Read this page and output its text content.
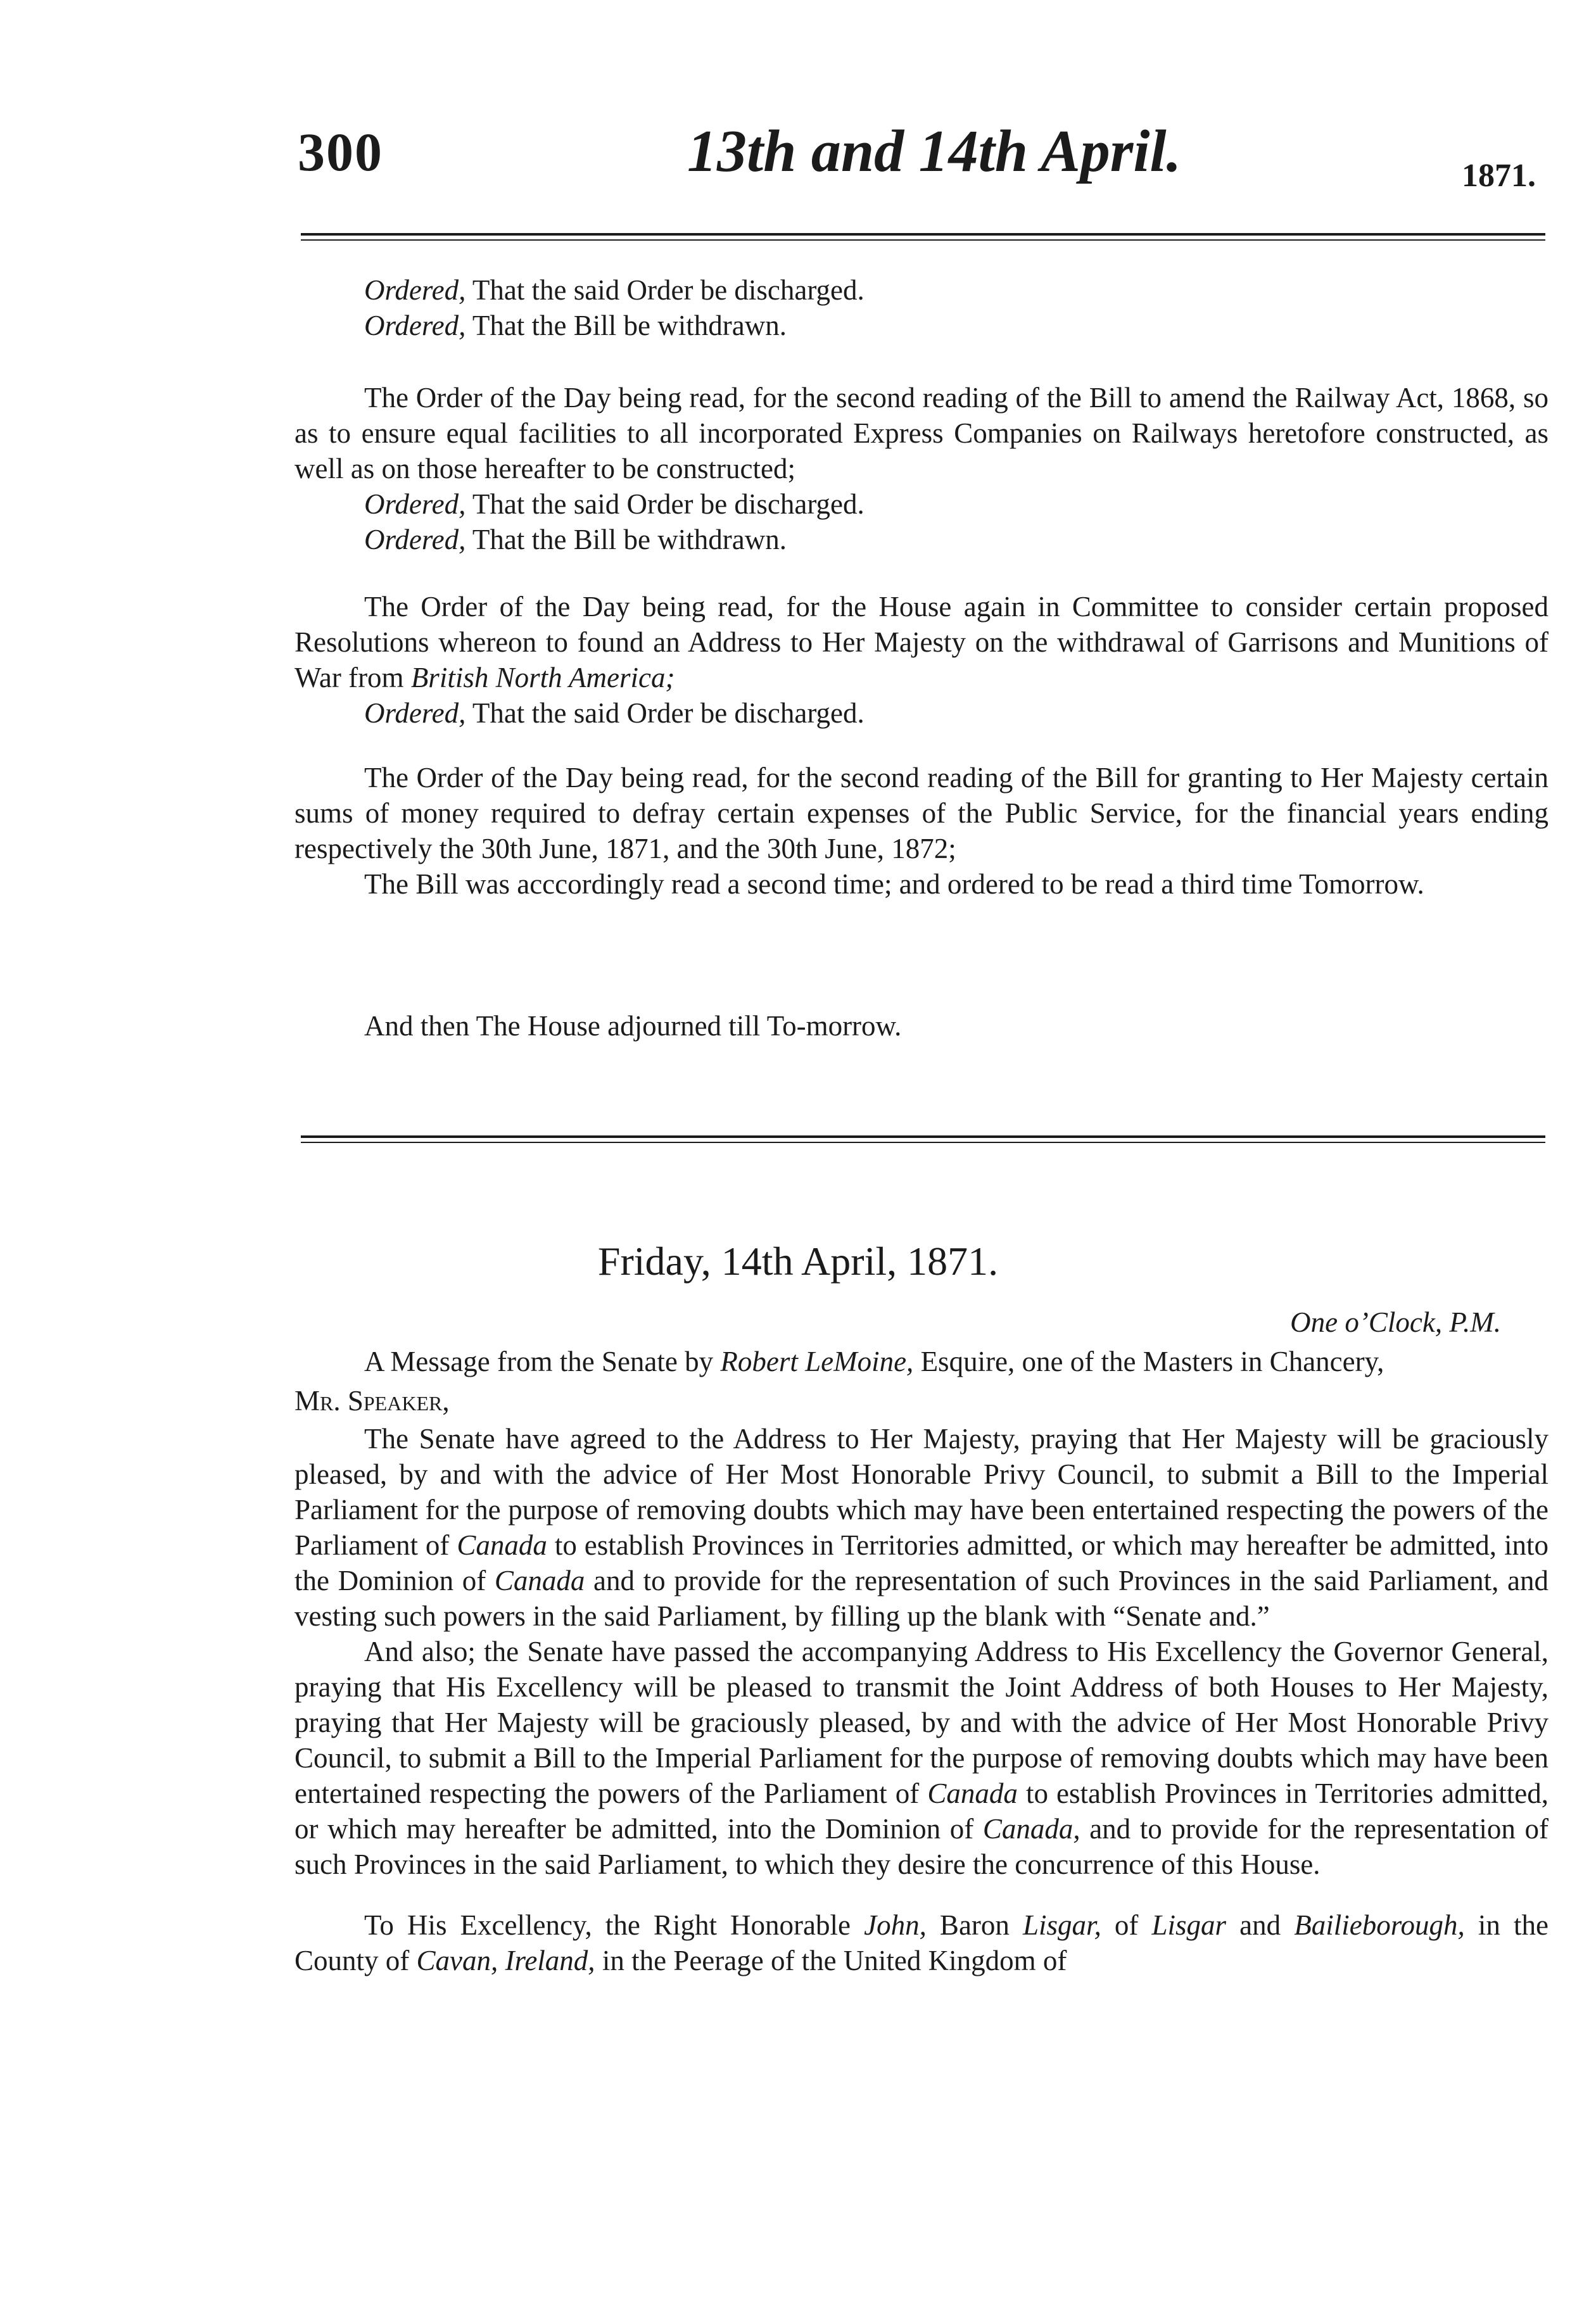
300	13th and 14th April.	1871.

Ordered, That the said Order be discharged.

Ordered, That the Bill be withdrawn.

The Order of the Day being read, for the second reading of the Bill to amend the Railway Act, 1868, so as to ensure equal facilities to all incorporated Express Companies on Railways heretofore constructed, as well as on those hereafter to be constructed;

Ordered, That the said Order be discharged.

Ordered, That the Bill be withdrawn.

The Order of the Day being read, for the House again in Committee to consider certain proposed Resolutions whereon to found an Address to Her Majesty on the withdrawal of Garrisons and Munitions of War from British North America;

Ordered, That the said Order be discharged.

The Order of the Day being read, for the second reading of the Bill for granting to Her Majesty certain sums of money required to defray certain expenses of the Public Service, for the financial years ending respectively the 30th June, 1871, and the 30th June, 1872;

The Bill was acccordingly read a second time; and ordered to be read a third time Tomorrow.

And then The House adjourned till To-morrow.

Friday, 14th April, 1871.

One o’Clock, P.M.

A Message from the Senate by Robert LeMoine, Esquire, one of the Masters in Chancery,

Mr. Speaker,

The Senate have agreed to the Address to Her Majesty, praying that Her Majesty will be graciously pleased, by and with the advice of Her Most Honorable Privy Council, to submit a Bill to the Imperial Parliament for the purpose of removing doubts which may have been entertained respecting the powers of the Parliament of Canada to establish Provinces in Territories admitted, or which may hereafter be admitted, into the Dominion of Canada and to provide for the representation of such Provinces in the said Parliament, and vesting such powers in the said Parliament, by filling up the blank with “Senate and.”

And also; the Senate have passed the accompanying Address to His Excellency the Governor General, praying that His Excellency will be pleased to transmit the Joint Address of both Houses to Her Majesty, praying that Her Majesty will be graciously pleased, by and with the advice of Her Most Honorable Privy Council, to submit a Bill to the Imperial Parliament for the purpose of removing doubts which may have been entertained respecting the powers of the Parliament of Canada to establish Provinces in Territories admitted, or which may hereafter be admitted, into the Dominion of Canada, and to provide for the representation of such Provinces in the said Parliament, to which they desire the concurrence of this House.

To His Excellency, the Right Honorable John, Baron Lisgar, of Lisgar and Bailieborough, in the County of Cavan, Ireland, in the Peerage of the United Kingdom of
